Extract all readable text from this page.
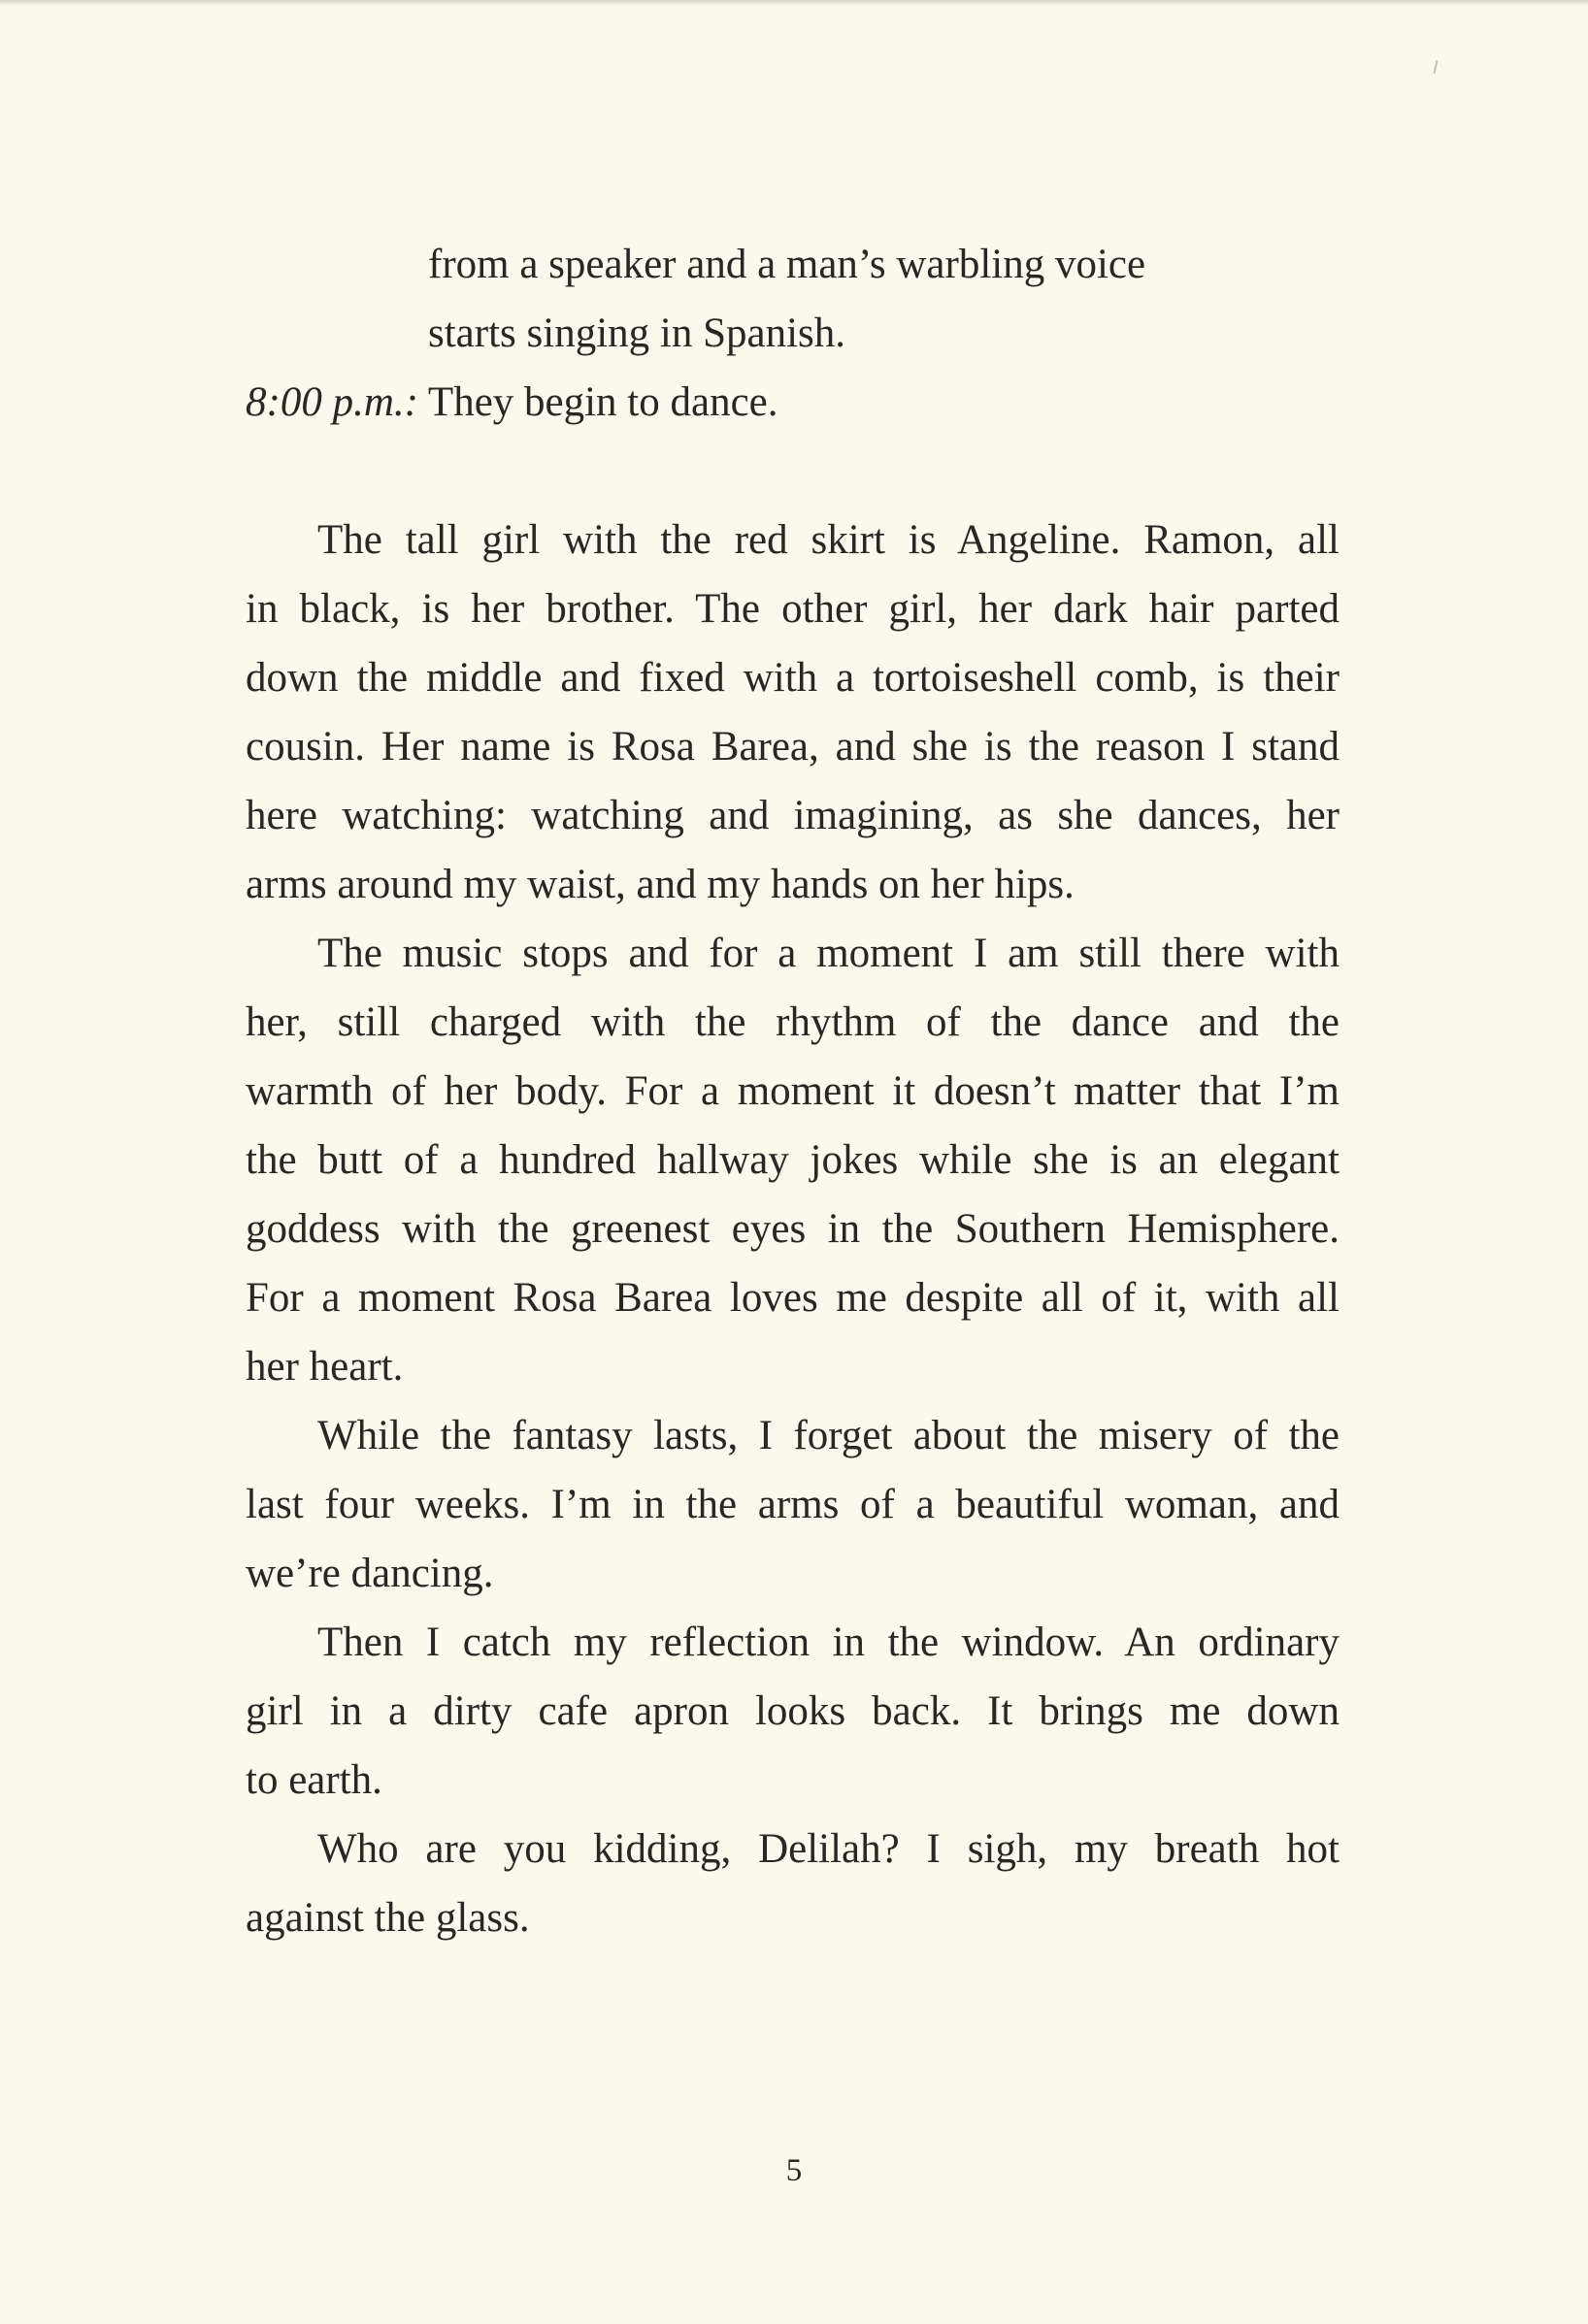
from a speaker and a man’s warbling voice
starts singing in Spanish.
8:00 p.m.: They begin to dance.
The tall girl with the red skirt is Angeline. Ramon, all
in black, is her brother. The other girl, her dark hair parted
down the middle and fixed with a tortoiseshell comb, is their
cousin. Her name is Rosa Barea, and she is the reason I stand
here watching: watching and imagining, as she dances, her
arms around my waist, and my hands on her hips.
The music stops and for a moment I am still there with
her, still charged with the rhythm of the dance and the
warmth of her body. For a moment it doesn’t matter that I’m
the butt of a hundred hallway jokes while she is an elegant
goddess with the greenest eyes in the Southern Hemisphere.
For a moment Rosa Barea loves me despite all of it, with all
her heart.
While the fantasy lasts, I forget about the misery of the
last four weeks. I’m in the arms of a beautiful woman, and
we’re dancing.
Then I catch my reflection in the window. An ordinary
girl in a dirty cafe apron looks back. It brings me down
to earth.
Who are you kidding, Delilah? I sigh, my breath hot
against the glass.
5
